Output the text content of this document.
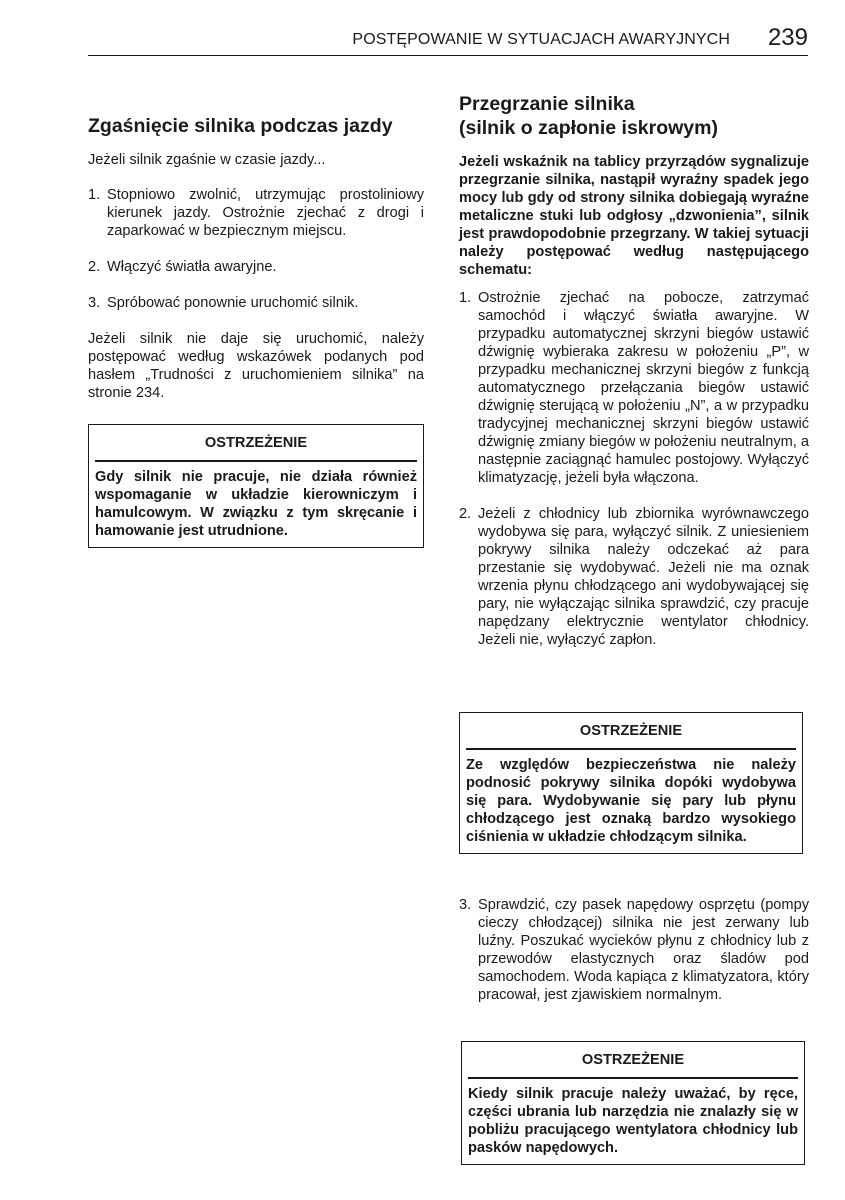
POSTĘPOWANIE W SYTUACJACH AWARYJNYCH 239
Zgaśnięcie silnika podczas jazdy

Jeżeli silnik zgaśnie w czasie jazdy...

1. Stopniowo zwolnić, utrzymując prostoliniowy kierunek jazdy. Ostrożnie zjechać z drogi i zaparkować w bezpiecznym miejscu.
2. Włączyć światła awaryjne.
3. Spróbować ponownie uruchomić silnik.

Jeżeli silnik nie daje się uruchomić, należy postępować według wskazówek podanych pod hasłem „Trudności z uruchomieniem silnika” na stronie 234.

OSTRZEŻENIE
Gdy silnik nie pracuje, nie działa również wspomaganie w układzie kierowniczym i hamulcowym. W związku z tym skręcanie i hamowanie jest utrudnione.
Przegrzanie silnika
(silnik o zapłonie iskrowym)

Jeżeli wskaźnik na tablicy przyrządów sygnalizuje przegrzanie silnika, nastąpił wyraźny spadek jego mocy lub gdy od strony silnika dobiegają wyraźne metaliczne stuki lub odgłosy „dzwonienia”, silnik jest prawdopodobnie przegrzany. W takiej sytuacji należy postępować według następującego schematu:

1. Ostrożnie zjechać na pobocze, zatrzymać samochód i włączyć światła awaryjne. W przypadku automatycznej skrzyni biegów ustawić dźwignię wybieraka zakresu w położeniu „P”, w przypadku mechanicznej skrzyni biegów z funkcją automatycznego przełączania biegów ustawić dźwignię sterującą w położeniu „N”, a w przypadku tradycyjnej mechanicznej skrzyni biegów ustawić dźwignię zmiany biegów w położeniu neutralnym, a następnie zaciągnąć hamulec postojowy. Wyłączyć klimatyzację, jeżeli była włączona.
2. Jeżeli z chłodnicy lub zbiornika wyrównawczego wydobywa się para, wyłączyć silnik. Z uniesieniem pokrywy silnika należy odczekać aż para przestanie się wydobywać. Jeżeli nie ma oznak wrzenia płynu chłodzącego ani wydobywającej się pary, nie wyłączając silnika sprawdzić, czy pracuje napędzany elektrycznie wentylator chłodnicy. Jeżeli nie, wyłączyć zapłon.
OSTRZEŻENIE
Ze względów bezpieczeństwa nie należy podnosić pokrywy silnika dopóki wydobywa się para. Wydobywanie się pary lub płynu chłodzącego jest oznaką bardzo wysokiego ciśnienia w układzie chłodzącym silnika.
3. Sprawdzić, czy pasek napędowy osprzętu (pompy cieczy chłodzącej) silnika nie jest zerwany lub luźny. Poszukać wycieków płynu z chłodnicy lub z przewodów elastycznych oraz śladów pod samochodem. Woda kapiąca z klimatyzatora, który pracował, jest zjawiskiem normalnym.
OSTRZEŻENIE
Kiedy silnik pracuje należy uważać, by ręce, części ubrania lub narzędzia nie znalazły się w pobliżu pracującego wentylatora chłodnicy lub pasków napędowych.
